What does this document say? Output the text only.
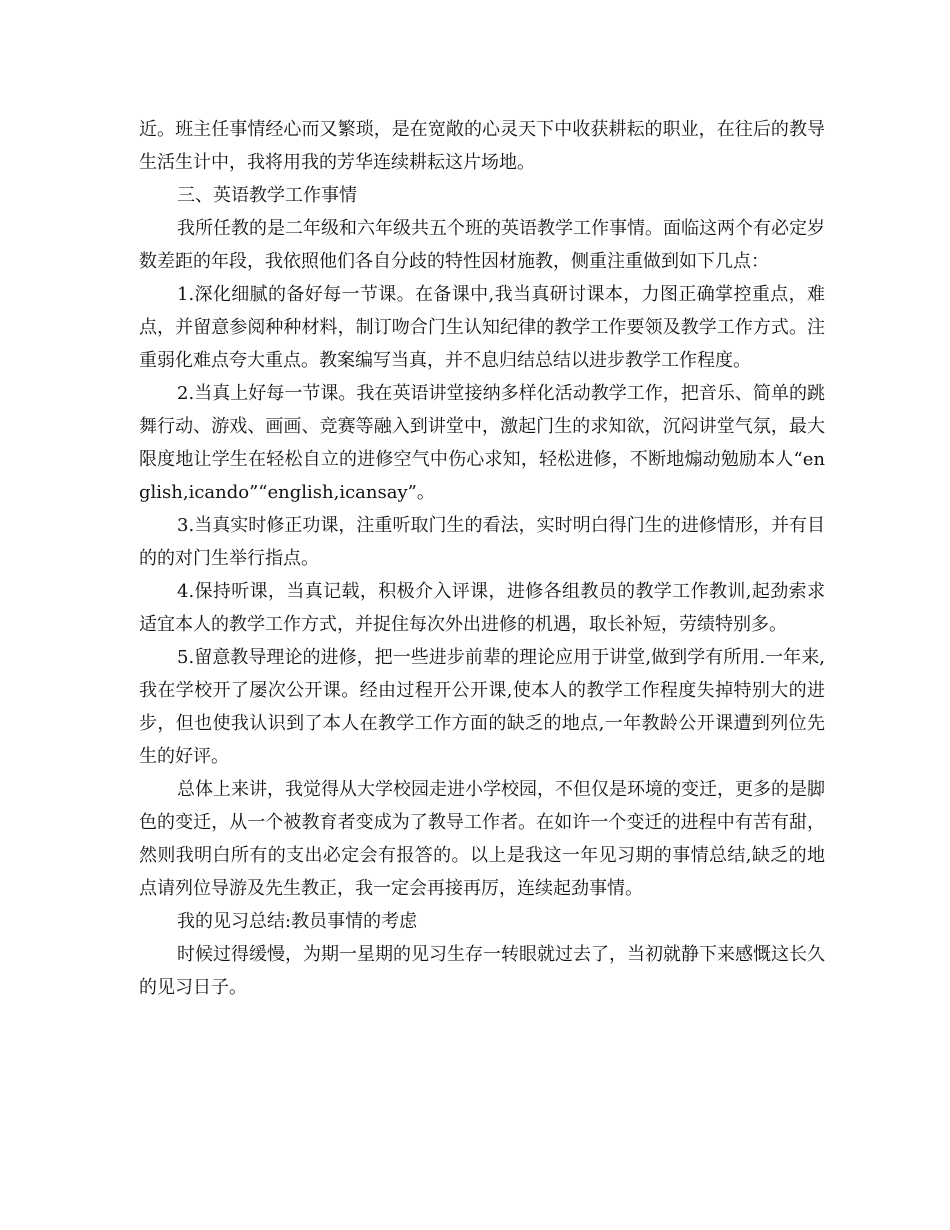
近。班主任事情经心而又繁琐，是在宽敞的心灵天下中收获耕耘的职业，在往后的教导生活生计中，我将用我的芳华连续耕耘这片场地。

三、英语教学工作事情

我所任教的是二年级和六年级共五个班的英语教学工作事情。面临这两个有必定岁数差距的年段，我依照他们各自分歧的特性因材施教，侧重注重做到如下几点：

1.深化细腻的备好每一节课。在备课中,我当真研讨课本，力图正确掌控重点，难点，并留意参阅种种材料，制订吻合门生认知纪律的教学工作要领及教学工作方式。注重弱化难点夸大重点。教案编写当真，并不息归结总结以进步教学工作程度。

2.当真上好每一节课。我在英语讲堂接纳多样化活动教学工作，把音乐、简单的跳舞行动、游戏、画画、竞赛等融入到讲堂中，激起门生的求知欲，沉闷讲堂气氛，最大限度地让学生在轻松自立的进修空气中伤心求知，轻松进修，不断地煽动勉励本人“english,icando”“english,icansay”。

3.当真实时修正功课，注重听取门生的看法，实时明白得门生的进修情形，并有目的的对门生举行指点。

4.保持听课，当真记载，积极介入评课，进修各组教员的教学工作教训,起劲索求适宜本人的教学工作方式，并捉住每次外出进修的机遇，取长补短，劳绩特别多。

5.留意教导理论的进修，把一些进步前辈的理论应用于讲堂,做到学有所用.一年来,我在学校开了屡次公开课。经由过程开公开课,使本人的教学工作程度失掉特别大的进步，但也使我认识到了本人在教学工作方面的缺乏的地点,一年教龄公开课遭到列位先生的好评。

总体上来讲，我觉得从大学校园走进小学校园，不但仅是环境的变迁，更多的是脚色的变迁，从一个被教育者变成为了教导工作者。在如许一个变迁的进程中有苦有甜，然则我明白所有的支出必定会有报答的。以上是我这一年见习期的事情总结,缺乏的地点请列位导游及先生教正，我一定会再接再厉，连续起劲事情。

我的见习总结:教员事情的考虑

时候过得缓慢，为期一星期的见习生存一转眼就过去了，当初就静下来感慨这长久的见习日子。
